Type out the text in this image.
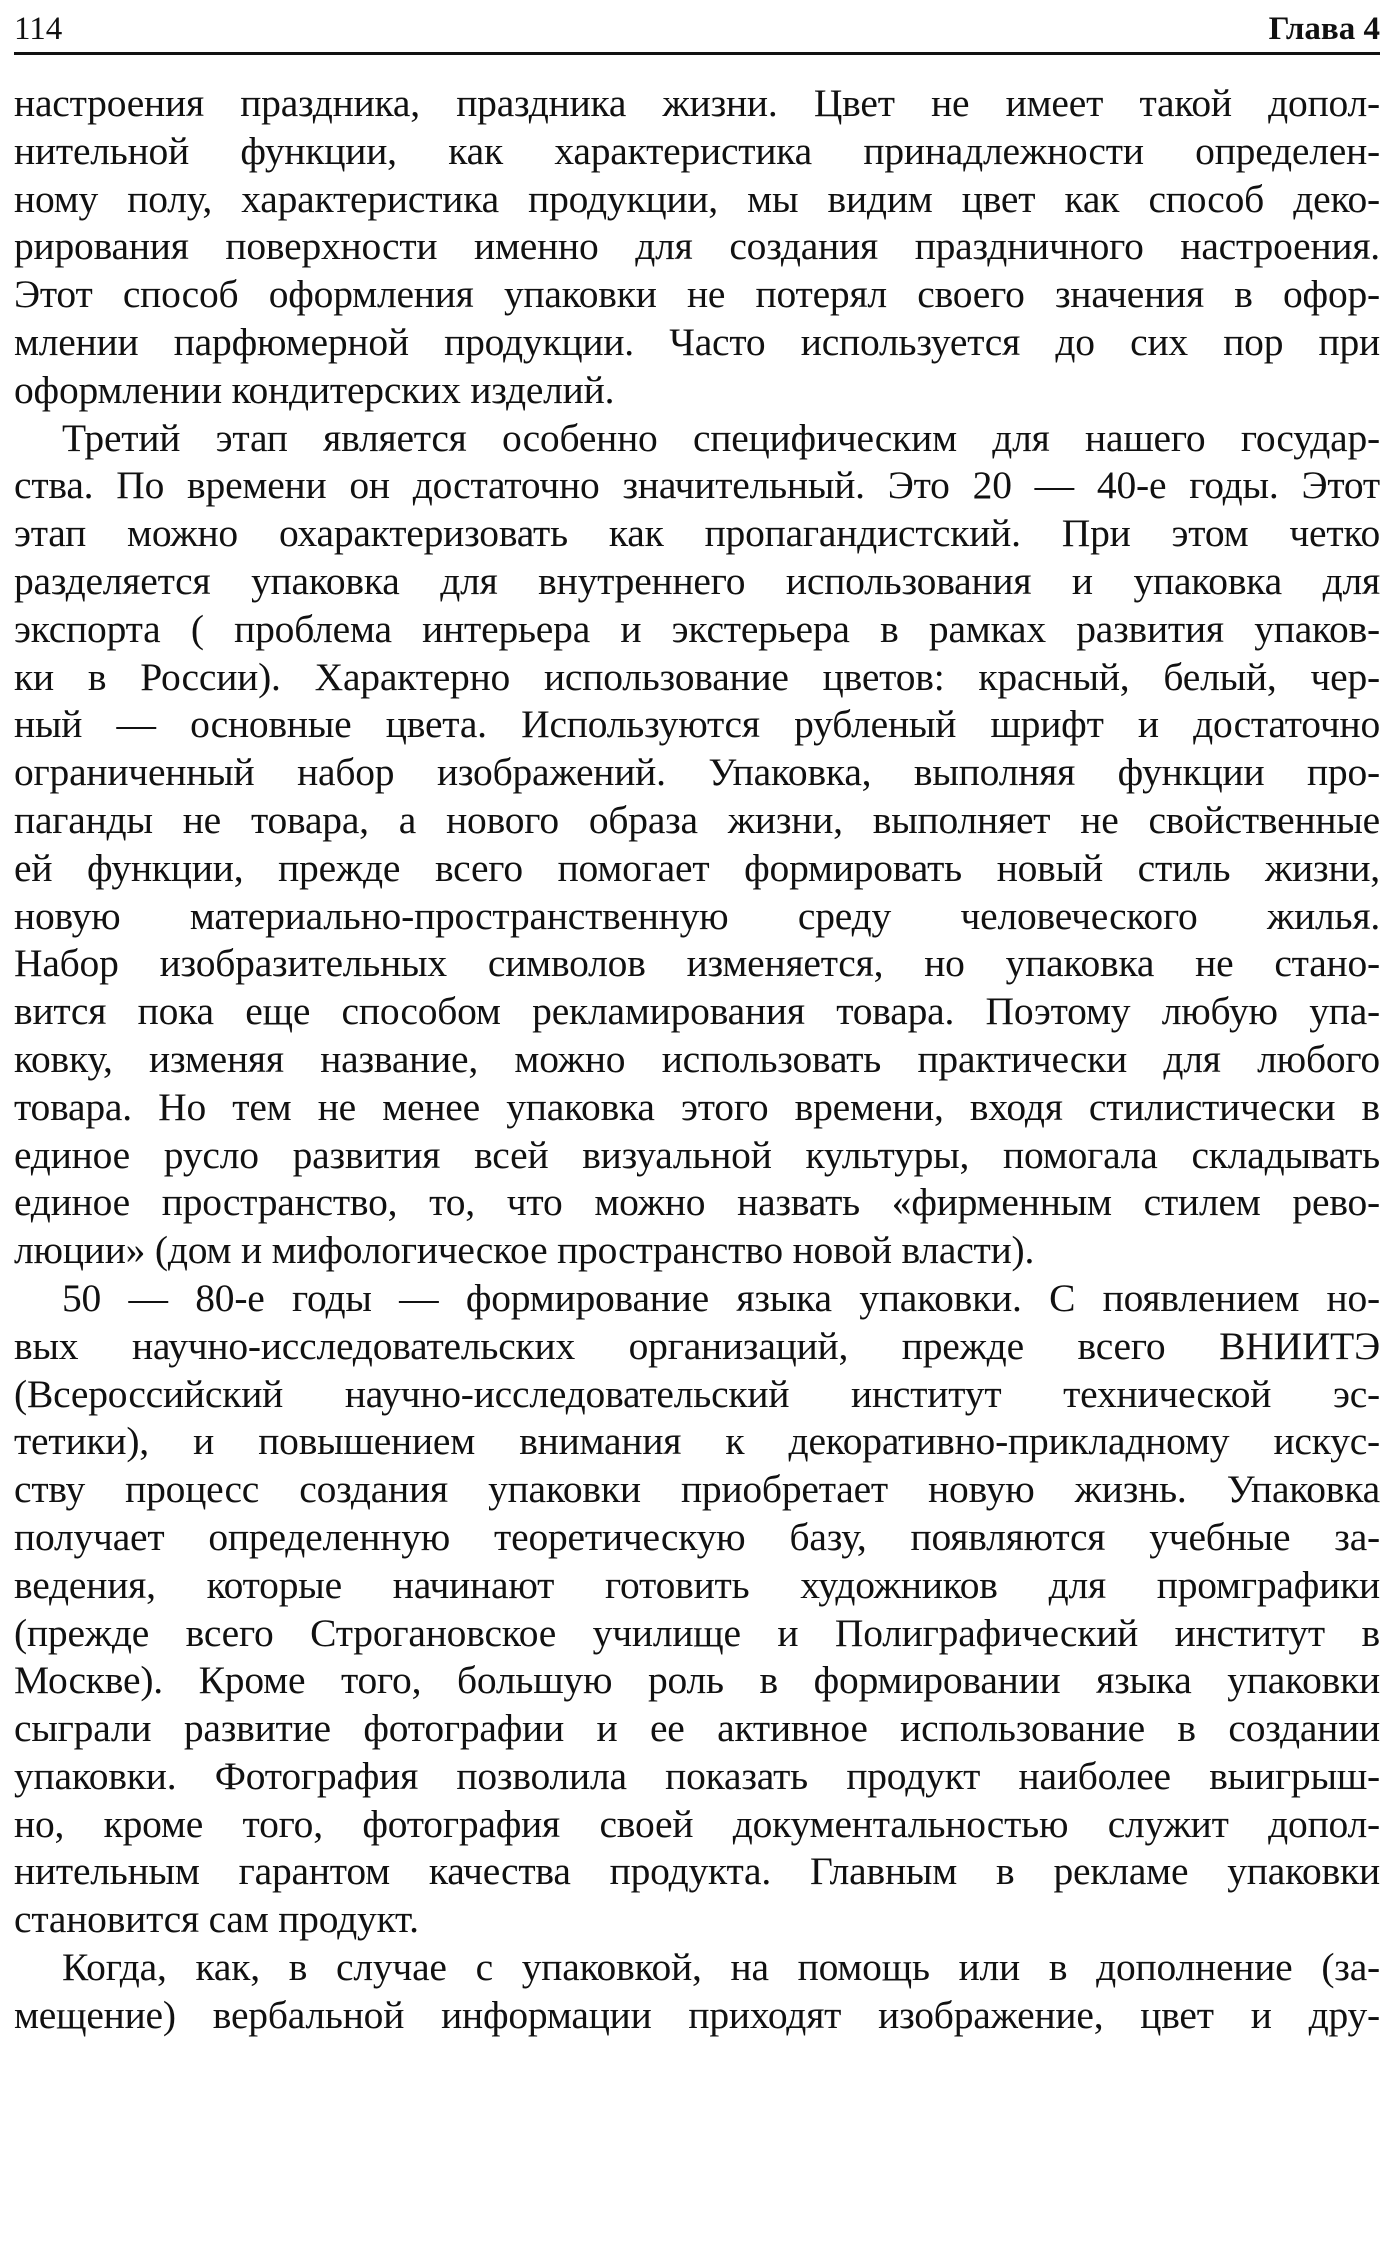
114	Глава 4
настроения праздника, праздника жизни. Цвет не имеет такой допол-
нительной функции, как характеристика принадлежности определен-
ному полу, характеристика продукции, мы видим цвет как способ деко-
рирования поверхности именно для создания праздничного настроения.
Этот способ оформления упаковки не потерял своего значения в офор-
млении парфюмерной продукции. Часто используется до сих пор при
оформлении кондитерских изделий.
Третий этап является особенно специфическим для нашего государ-
ства. По времени он достаточно значительный. Это 20 — 40-е годы. Этот
этап можно охарактеризовать как пропагандистский. При этом четко
разделяется упаковка для внутреннего использования и упаковка для
экспорта ( проблема интерьера и экстерьера в рамках развития упаков-
ки в России). Характерно использование цветов: красный, белый, чер-
ный — основные цвета. Используются рубленый шрифт и достаточно
ограниченный набор изображений. Упаковка, выполняя функции про-
паганды не товара, а нового образа жизни, выполняет не свойственные
ей функции, прежде всего помогает формировать новый стиль жизни,
новую материально-пространственную среду человеческого жилья.
Набор изобразительных символов изменяется, но упаковка не стано-
вится пока еще способом рекламирования товара. Поэтому любую упа-
ковку, изменяя название, можно использовать практически для любого
товара. Но тем не менее упаковка этого времени, входя стилистически в
единое русло развития всей визуальной культуры, помогала складывать
единое пространство, то, что можно назвать «фирменным стилем рево-
люции» (дом и мифологическое пространство новой власти).
50 — 80-е годы — формирование языка упаковки. С появлением но-
вых научно-исследовательских организаций, прежде всего ВНИИТЭ
(Всероссийский научно-исследовательский институт технической эс-
тетики), и повышением внимания к декоративно-прикладному искус-
ству процесс создания упаковки приобретает новую жизнь. Упаковка
получает определенную теоретическую базу, появляются учебные за-
ведения, которые начинают готовить художников для промграфики
(прежде всего Строгановское училище и Полиграфический институт в
Москве). Кроме того, большую роль в формировании языка упаковки
сыграли развитие фотографии и ее активное использование в создании
упаковки. Фотография позволила показать продукт наиболее выигрыш-
но, кроме того, фотография своей документальностью служит допол-
нительным гарантом качества продукта. Главным в рекламе упаковки
становится сам продукт.
Когда, как, в случае с упаковкой, на помощь или в дополнение (за-
мещение) вербальной информации приходят изображение, цвет и дру-
